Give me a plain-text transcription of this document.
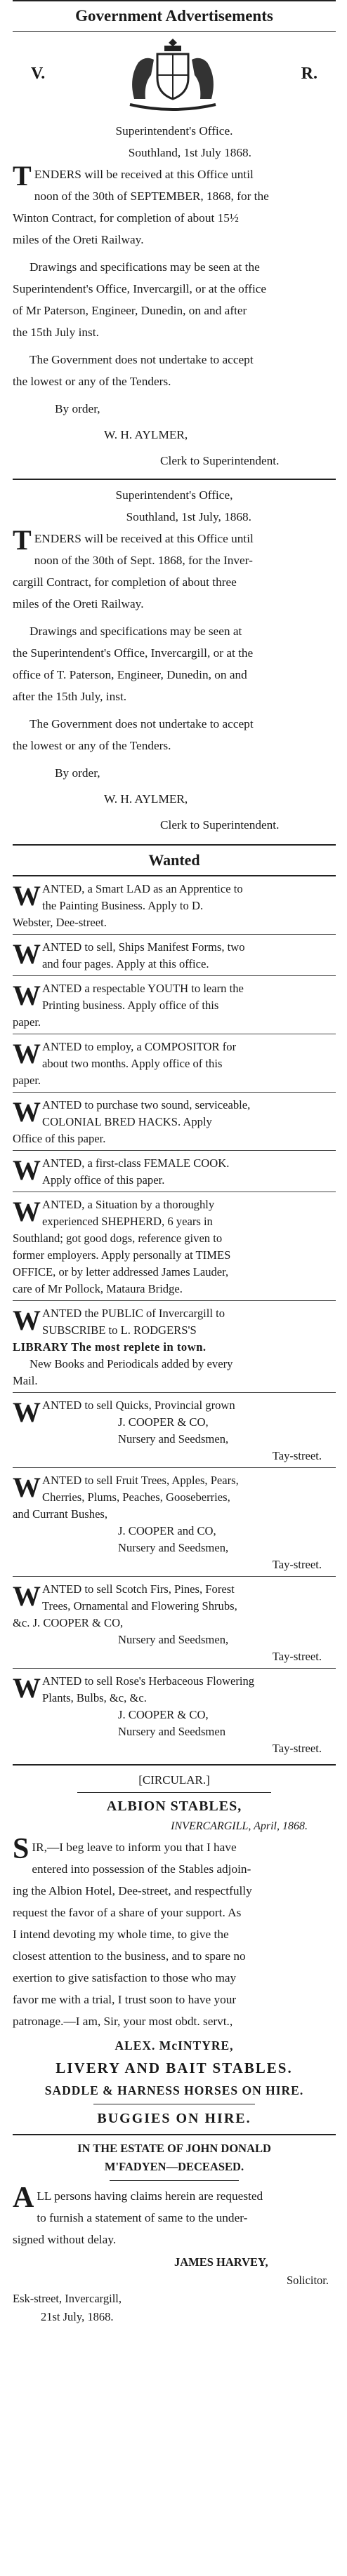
Government Advertisements
V.	R.
Superintendent's Office.
Southland, 1st July 1868.
T ENDERS will be received at this Office until
noon of the 30th of SEPTEMBER, 1868, for the
Winton Contract, for completion of about 15½
miles of the Oreti Railway.
Drawings and specifications may be seen at the
Superintendent's Office, Invercargill, or at the office
of Mr Paterson, Engineer, Dunedin, on and after
the 15th July inst.
The Government does not undertake to accept
the lowest or any of the Tenders.
By order,
W. H. AYLMER,
Clerk to Superintendent.
Superintendent's Office,
Southland, 1st July, 1868.
T ENDERS will be received at this Office until
noon of the 30th of Sept. 1868, for the Inver-
cargill Contract, for completion of about three
miles of the Oreti Railway.
Drawings and specifications may be seen at
the Superintendent's Office, Invercargill, or at the
office of T. Paterson, Engineer, Dunedin, on and
after the 15th July, inst.
The Government does not undertake to accept
the lowest or any of the Tenders.
By order,
W. H. AYLMER,
Clerk to Superintendent.
Wanted
W ANTED, a Smart LAD as an Apprentice to
the Painting Business. Apply to D.
Webster, Dee-street.
W ANTED to sell, Ships Manifest Forms, two
and four pages. Apply at this office.
W ANTED a respectable YOUTH to learn the
Printing business. Apply office of this
paper.
W ANTED to employ, a COMPOSITOR for
about two months. Apply office of this
paper.
W ANTED to purchase two sound, serviceable,
COLONIAL BRED HACKS. Apply
Office of this paper.
W ANTED, a first-class FEMALE COOK.
Apply office of this paper.
W ANTED, a Situation by a thoroughly
experienced SHEPHERD, 6 years in
Southland; got good dogs, reference given to
former employers. Apply personally at TIMES
OFFICE, or by letter addressed James Lauder,
care of Mr Pollock, Mataura Bridge.
W ANTED the PUBLIC of Invercargill to
SUBSCRIBE to L. RODGERS'S
LIBRARY The most replete in town.
New Books and Periodicals added by every
Mail.
W ANTED to sell Quicks, Provincial grown
J. COOPER & CO,
Nursery and Seedsmen,
Tay-street.
W ANTED to sell Fruit Trees, Apples, Pears,
Cherries, Plums, Peaches, Gooseberries,
and Currant Bushes,
J. COOPER and CO,
Nursery and Seedsmen,
Tay-street.
W ANTED to sell Scotch Firs, Pines, Forest
Trees, Ornamental and Flowering Shrubs,
&c. J. COOPER & CO,
Nursery and Seedsmen,
Tay-street.
W ANTED to sell Rose's Herbaceous Flowering
Plants, Bulbs, &c, &c.
J. COOPER & CO,
Nursery and Seedsmen
Tay-street.
[CIRCULAR.]
ALBION STABLES,
INVERCARGILL, April, 1868.
S IR,—I beg leave to inform you that I have
entered into possession of the Stables adjoin-
ing the Albion Hotel, Dee-street, and respectfully
request the favor of a share of your support. As
I intend devoting my whole time, to give the
closest attention to the business, and to spare no
exertion to give satisfaction to those who may
favor me with a trial, I trust soon to have your
patronage.—I am, Sir, your most obdt. servt.,
ALEX. McINTYRE,
LIVERY AND BAIT STABLES.
SADDLE & HARNESS HORSES ON HIRE.
BUGGIES ON HIRE.
IN THE ESTATE OF JOHN DONALD
M'FADYEN—DECEASED.
A LL persons having claims herein are requested
to furnish a statement of same to the under-
signed without delay.
JAMES HARVEY,
Solicitor.
Esk-street, Invercargill,
21st July, 1868.
